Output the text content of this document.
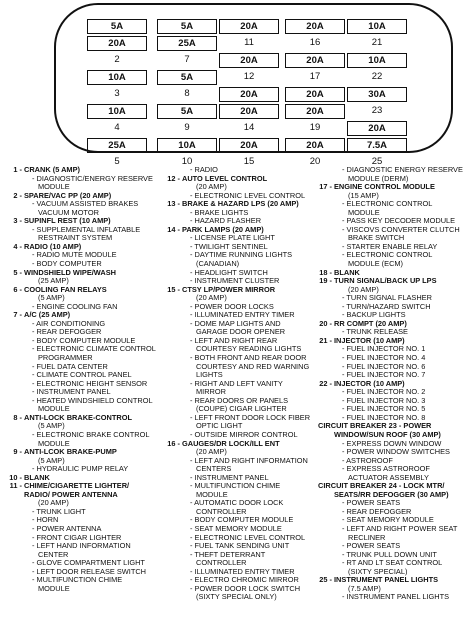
5A
20A
2
10A
3
10A
4
25A
5
5A
25A
7
5A
8
5A
9
10A
10
20A
11
20A
12
20A
20A
14
20A
15
20A
16
20A
17
20A
20A
19
20A
20
10A
21
10A
22
30A
23
20A
7.5A
25
1 - CRANK (5 AMP)
- DIAGNOSTIC/ENERGY RESERVE
MODULE
2 - SPARE/VAC PP (20 AMP)
- VACUUM ASSISTED BRAKES
VACUUM MOTOR
3 - SUPINFL REST (10 AMP)
- SUPPLEMENTAL INFLATABLE
RESTRAINT SYSTEM
4 - RADIO (10 AMP)
- RADIO MUTE MODULE
- BODY COMPUTER
5 - WINDSHIELD WIPE/WASH
(25 AMP)
6 - COOLING FAN RELAYS
(5 AMP)
- ENGINE COOLING FAN
7 - A/C (25 AMP)
- AIR CONDITIONING
- REAR DEFOGGER
- BODY COMPUTER MODULE
- ELECTRONIC CLIMATE CONTROL
PROGRAMMER
- FUEL DATA CENTER
- CLIMATE CONTROL PANEL
- ELECTRONIC HEIGHT SENSOR
- INSTRUMENT PANEL
- HEATED WINDSHIELD CONTROL
MODULE
8 - ANTI-LOCK BRAKE-CONTROL
(5 AMP)
- ELECTRONIC BRAKE CONTROL
MODULE
9 - ANTI-LCOK BRAKE-PUMP
(5 AMP)
- HYDRAULIC PUMP RELAY
10 - BLANK
11 - CHIME/CIGARETTE LIGHTER/
RADIO/ POWER ANTENNA
(20 AMP)
- TRUNK LIGHT
- HORN
- POWER ANTENNA
- FRONT CIGAR LIGHTER
- LEFT HAND INFORMATION
CENTER
- GLOVE COMPARTMENT LIGHT
- LEFT DOOR RELEASE SWITCH
- MULTIFUNCTION CHIME
MODULE
- RADIO
12 - AUTO LEVEL CONTROL
(20 AMP)
- ELECTRONIC LEVEL CONTROL
13 - BRAKE & HAZARD LPS (20 AMP)
- BRAKE LIGHTS
- HAZARD FLASHER
14 - PARK LAMPS (20 AMP)
- LICENSE PLATE LIGHT
- TWILIGHT SENTINEL
- DAYTIME RUNNING LIGHTS
(CANADIAN)
- HEADLIGHT SWITCH
- INSTRUMENT CLUSTER
15 - CTSY LP/POWER MIRROR
(20 AMP)
- POWER DOOR LOCKS
- ILLUMINATED ENTRY TIMER
- DOME MAP LIGHTS AND
GARAGE DOOR OPENER
- LEFT AND RIGHT REAR
COURTESY READING LIGHTS
- BOTH FRONT AND REAR DOOR
COURTESY AND RED WARNING
LIGHTS
- RIGHT AND LEFT VANITY
MIRROR
- REAR DOORS OR PANELS
(COUPE) CIGAR LIGHTER
- LEFT FRONT DOOR LOCK FIBER
OPTIC LIGHT
- OUTSIDE MIRROR CONTROL
16 - GAUGES/DR LOCK/ILL ENT
(20 AMP)
- LEFT AND RIGHT INFORMATION
CENTERS
- INSTRUMENT PANEL
- MULTIFUNCTION CHIME
MODULE
- AUTOMATIC DOOR LOCK
CONTROLLER
- BODY COMPUTER MODULE
- SEAT MEMORY MODULE
- ELECTRONIC LEVEL CONTROL
- FUEL TANK SENDING UNIT
- THEFT DETERRANT
CONTROLLER
- ILLUMINATED ENTRY TIMER
- ELECTRO CHROMIC MIRROR
- POWER DOOR LOCK SWITCH
(SIXTY SPECIAL ONLY)
- DIAGNOSTIC ENERGY RESERVE
MODULE (DERM)
17 - ENGINE CONTROL MODULE
(15 AMP)
- ELECTRONIC CONTROL
MODULE
- PASS KEY DECODER MODULE
- VISCOVS CONVERTER CLUTCH
BRAKE SWITCH
- STARTER ENABLE RELAY
- ELECTRONIC CONTROL
MODULE (ECM)
18 - BLANK
19 - TURN SIGNAL/BACK UP LPS
(20 AMP)
- TURN SIGNAL FLASHER
- TURN/HAZARD SWITCH
- BACKUP LIGHTS
20 - RR COMPT (20 AMP)
- TRUNK RELEASE
21 - INJECTOR (10 AMP)
- FUEL INJECTOR NO. 1
- FUEL INJECTOR NO. 4
- FUEL INJECTOR NO. 6
- FUEL INJECTOR NO. 7
22 - INJECTOR (10 AMP)
- FUEL INJECTOR NO. 2
- FUEL INJECTOR NO. 3
- FUEL INJECTOR NO. 5
- FUEL INJECTOR NO. 8
CIRCUIT BREAKER 23 - POWER
WINDOW/SUN ROOF (30 AMP)
- EXPRESS DOWN WINDOW
- POWER WINDOW SWITCHES
- ASTROROOF
- EXPRESS ASTROROOF
ACTUATOR ASSEMBLY
CIRCUIT BREAKER 24 - LOCK MTR/
SEATS/RR DEFOGGER (30 AMP)
- POWER SEATS
- REAR DEFOGGER
- SEAT MEMORY MODULE
- LEFT AND RIGHT POWER SEAT
RECLINER
- POWER SEATS
- TRUNK PULL DOWN UNIT
- RT AND LT SEAT CONTROL
(SIXTY SPECIAL)
25 - INSTRUMENT PANEL LIGHTS
(7.5 AMP)
- INSTRUMENT PANEL LIGHTS
